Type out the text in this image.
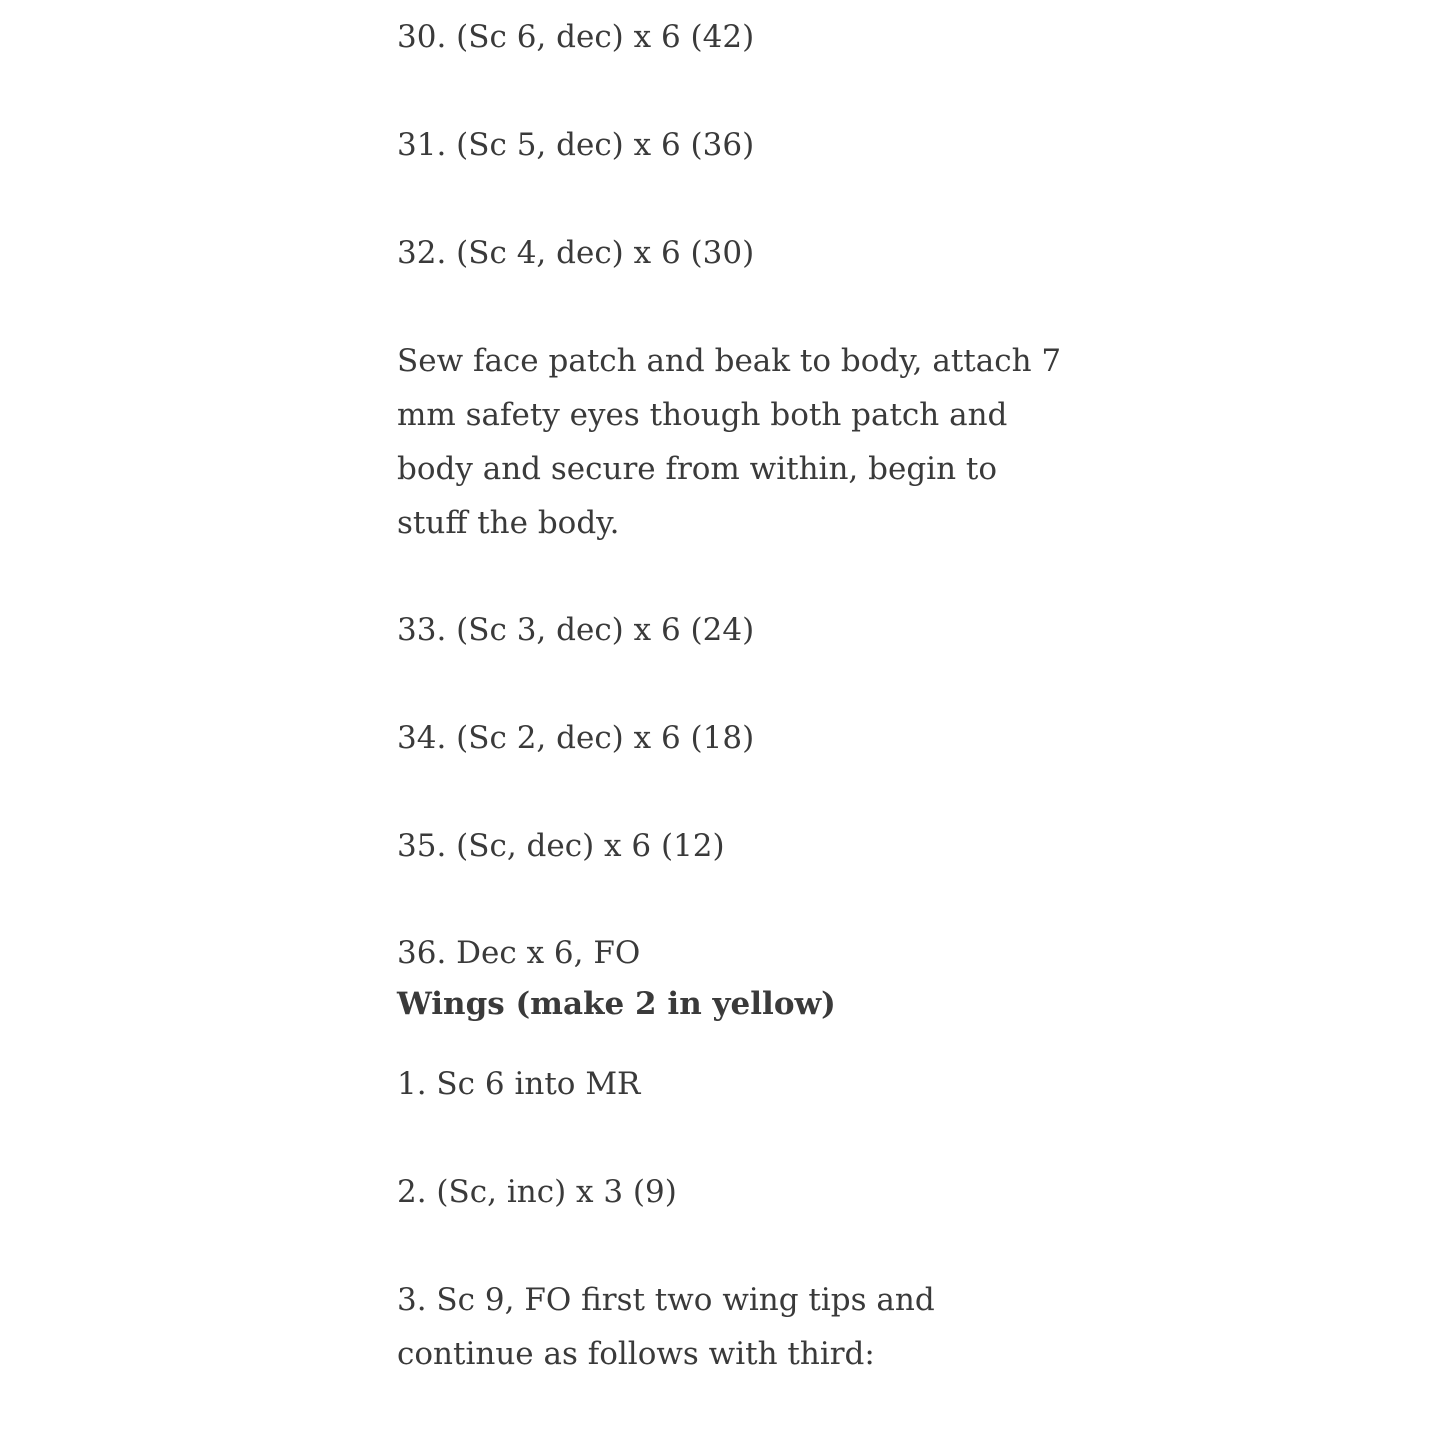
30. (Sc 6, dec) x 6 (42)

31. (Sc 5, dec) x 6 (36)

32. (Sc 4, dec) x 6 (30)

Sew face patch and beak to body, attach 7 mm safety eyes though both patch and body and secure from within, begin to stuff the body.

33. (Sc 3, dec) x 6 (24)

34. (Sc 2, dec) x 6 (18)

35. (Sc, dec) x 6 (12)

36. Dec x 6, FO

Wings (make 2 in yellow)

1. Sc 6 into MR

2. (Sc, inc) x 3 (9)

3. Sc 9, FO first two wing tips and continue as follows with third:
